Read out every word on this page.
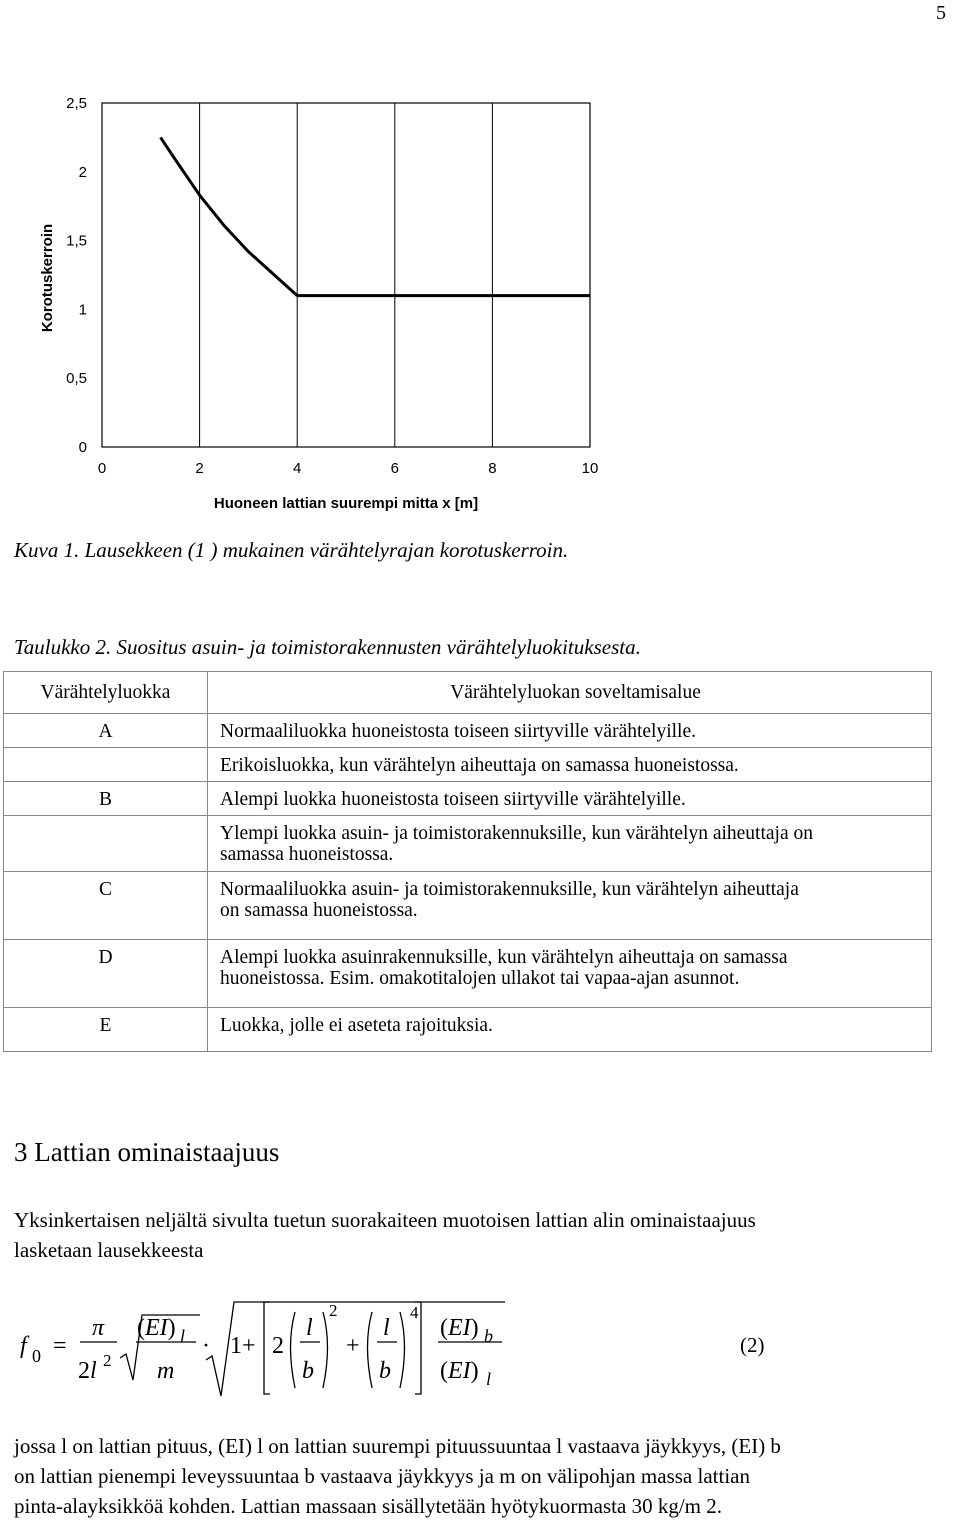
5
0
0,5
1
1,5
2
2,5
0	2	4	6	8	10
Huoneen lattian suurempi mitta x [m]
Korotuskerroin
Kuva 1. Lausekkeen (1 ) mukainen värähtelyrajan korotuskerroin.
Taulukko 2. Suositus asuin- ja toimistorakennusten värähtelyluokituksesta.
Värähtelyluokka	Värähtelyluokan soveltamisalue
A	Normaaliluokka huoneistosta toiseen siirtyville värähtelyille.

	Erikoisluokka, kun värähtelyn aiheuttaja on samassa huoneistossa.

B	Alempi luokka huoneistosta toiseen siirtyville värähtelyille.

	Ylempi luokka asuin- ja toimistorakennuksille, kun värähtelyn aiheuttaja on
samassa huoneistossa.

C	Normaaliluokka asuin- ja toimistorakennuksille, kun värähtelyn aiheuttaja
on samassa huoneistossa.

D	Alempi luokka asuinrakennuksille, kun värähtelyn aiheuttaja on samassa
huoneistossa. Esim. omakotitalojen ullakot tai vapaa-ajan asunnot.

E	Luokka, jolle ei aseteta rajoituksia.
3 Lattian ominaistaajuus
Yksinkertaisen neljältä sivulta tuetun suorakaiteen muotoisen lattian alin ominaistaajuus
lasketaan lausekkeesta
f 0 =
π
2l 2
(EI) l
m
· 1+ 2
l
b
2
+
l
b
4
(EI) b
(EI) l
(2)
jossa l on lattian pituus, (EI) l on lattian suurempi pituussuuntaa l vastaava jäykkyys, (EI) b
on lattian pienempi leveyssuuntaa b vastaava jäykkyys ja m on välipohjan massa lattian
pinta-alayksikköä kohden. Lattian massaan sisällytetään hyötykuormasta 30 kg/m 2.
